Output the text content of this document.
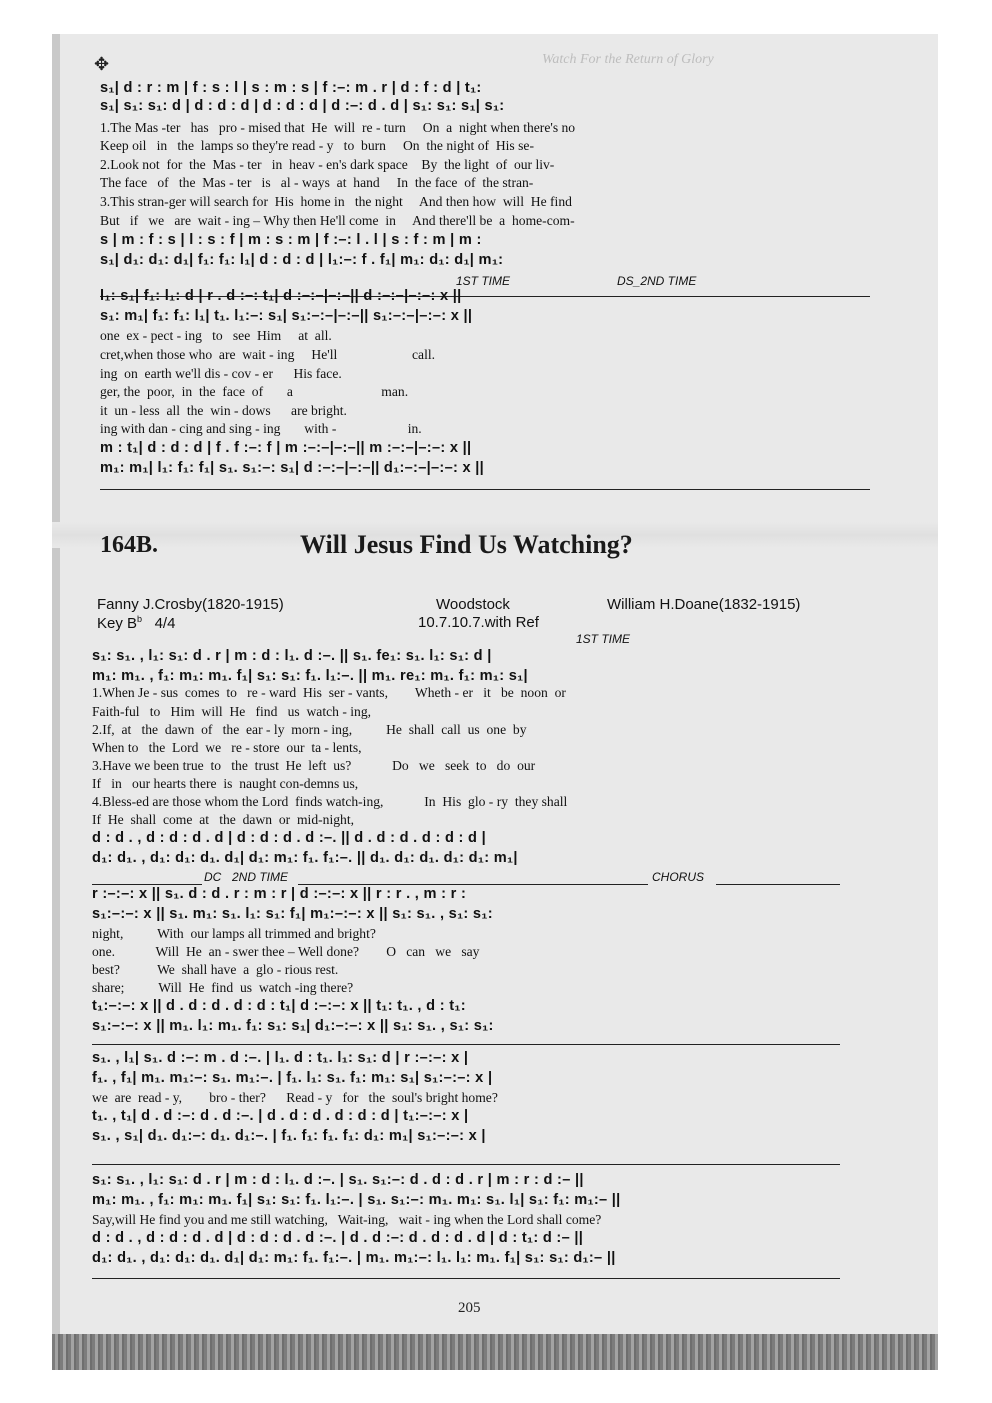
✥	Watch For the Return of Glory
1ST TIME	DS_2ND TIME
164B.	Will Jesus Find Us Watching?
Fanny J.Crosby(1820-1915)	Woodstock	William H.Doane(1832-1915)
Key $B^b$ 4/4	10.7.10.7.with Ref
1ST TIME
DC 2ND TIME	CHORUS
205
s₁| d : r : m | f : s : l | s : m : s | f :–: m . r | d : f : d | t₁:
s₁| s₁: s₁: d | d : d : d | d : d : d | d :–: d . d | s₁: s₁: s₁| s₁:
1.The Mas -ter   has   pro - mised that  He  will  re - turn     On  a  night when there's no
Keep oil   in   the  lamps so they're read - y   to  burn     On  the night of  His se-
2.Look not  for  the  Mas - ter   in  heav - en's dark space    By  the light  of  our liv-
The face   of   the  Mas - ter   is   al - ways  at  hand     In  the face  of  the stran-
3.This stran-ger will search for  His  home in   the night     And then how  will  He find
But   if   we   are  wait - ing – Why then He'll come  in     And there'll be  a  home-com-
s | m : f : s | l : s : f | m : s : m | f :–: l . l | s : f : m | m :
s₁| d₁: d₁: d₁| f₁: f₁: l₁| d : d : d | l₁:–: f . f₁| m₁: d₁: d₁| m₁:
l₁: s₁| f₁: l₁: d | r . d :–: t₁| d :–:–|–:–|| d :–:–|–:–: x ||
s₁: m₁| f₁: f₁: l₁| t₁. l₁:–: s₁| s₁:–:–|–:–|| s₁:–:–|–:–: x ||
one  ex - pect - ing   to   see  Him     at  all.
cret,when those who  are  wait - ing     He'll                      call.
ing  on  earth we'll dis - cov - er      His face.
ger, the  poor,  in  the  face  of       a                          man.
it  un - less  all  the  win - dows      are bright.
ing with dan - cing and sing - ing       with -                     in.
m : t₁| d : d : d | f . f :–: f | m :–:–|–:–|| m :–:–|–:–: x ||
m₁: m₁| l₁: f₁: f₁| s₁. s₁:–: s₁| d :–:–|–:–|| d₁:–:–|–:–: x ||
s₁: s₁. , l₁: s₁: d . r | m : d : l₁. d :–. || s₁. fe₁: s₁. l₁: s₁: d |
m₁: m₁. , f₁: m₁: m₁. f₁| s₁: s₁: f₁. l₁:–. || m₁. re₁: m₁. f₁: m₁: s₁|
1.When Je - sus  comes  to   re - ward  His  ser - vants,        Wheth - er   it   be  noon  or
Faith-ful   to   Him  will  He   find   us  watch - ing,
2.If,  at   the  dawn  of   the  ear - ly  morn - ing,          He  shall  call  us  one  by
When to   the  Lord  we   re - store  our  ta - lents,
3.Have we been true  to   the  trust  He  left  us?            Do   we   seek  to   do  our
If   in   our hearts there  is  naught con-demns us,
4.Bless-ed are those whom the Lord  finds watch-ing,            In  His  glo - ry  they shall
If  He  shall  come  at   the  dawn  or  mid-night,
d : d . , d : d : d . d | d : d : d . d :–. || d . d : d . d : d : d |
d₁: d₁. , d₁: d₁: d₁. d₁| d₁: m₁: f₁. f₁:–. || d₁. d₁: d₁. d₁: d₁: m₁|
r :–:–: x || s₁. d : d . r : m : r | d :–:–: x || r : r . , m : r :
s₁:–:–: x || s₁. m₁: s₁. l₁: s₁: f₁| m₁:–:–: x || s₁: s₁. , s₁: s₁:
night,          With  our lamps all trimmed and bright?
one.            Will  He  an - swer thee – Well done?        O   can   we   say
best?           We  shall have  a  glo - rious rest.
share;          Will  He  find  us  watch -ing there?
t₁:–:–: x || d . d : d . d : d : t₁| d :–:–: x || t₁: t₁. , d : t₁:
s₁:–:–: x || m₁. l₁: m₁. f₁: s₁: s₁| d₁:–:–: x || s₁: s₁. , s₁: s₁:
s₁. , l₁| s₁. d :–: m . d :–. | l₁. d : t₁. l₁: s₁: d | r :–:–: x |
f₁. , f₁| m₁. m₁:–: s₁. m₁:–. | f₁. l₁: s₁. f₁: m₁: s₁| s₁:–:–: x |
we  are  read - y,        bro - ther?      Read - y   for   the  soul's bright home?
t₁. , t₁| d . d :–: d . d :–. | d . d : d . d : d : d | t₁:–:–: x |
s₁. , s₁| d₁. d₁:–: d₁. d₁:–. | f₁. f₁: f₁. f₁: d₁: m₁| s₁:–:–: x |
s₁: s₁. , l₁: s₁: d . r | m : d : l₁. d :–. | s₁. s₁:–: d . d : d . r | m : r : d :– ||
m₁: m₁. , f₁: m₁: m₁. f₁| s₁: s₁: f₁. l₁:–. | s₁. s₁:–: m₁. m₁: s₁. l₁| s₁: f₁: m₁:– ||
Say,will He find you and me still watching,   Wait-ing,   wait - ing when the Lord shall come?
d : d . , d : d : d . d | d : d : d . d :–. | d . d :–: d . d : d . d | d : t₁: d :– ||
d₁: d₁. , d₁: d₁: d₁. d₁| d₁: m₁: f₁. f₁:–. | m₁. m₁:–: l₁. l₁: m₁. f₁| s₁: s₁: d₁:– ||
